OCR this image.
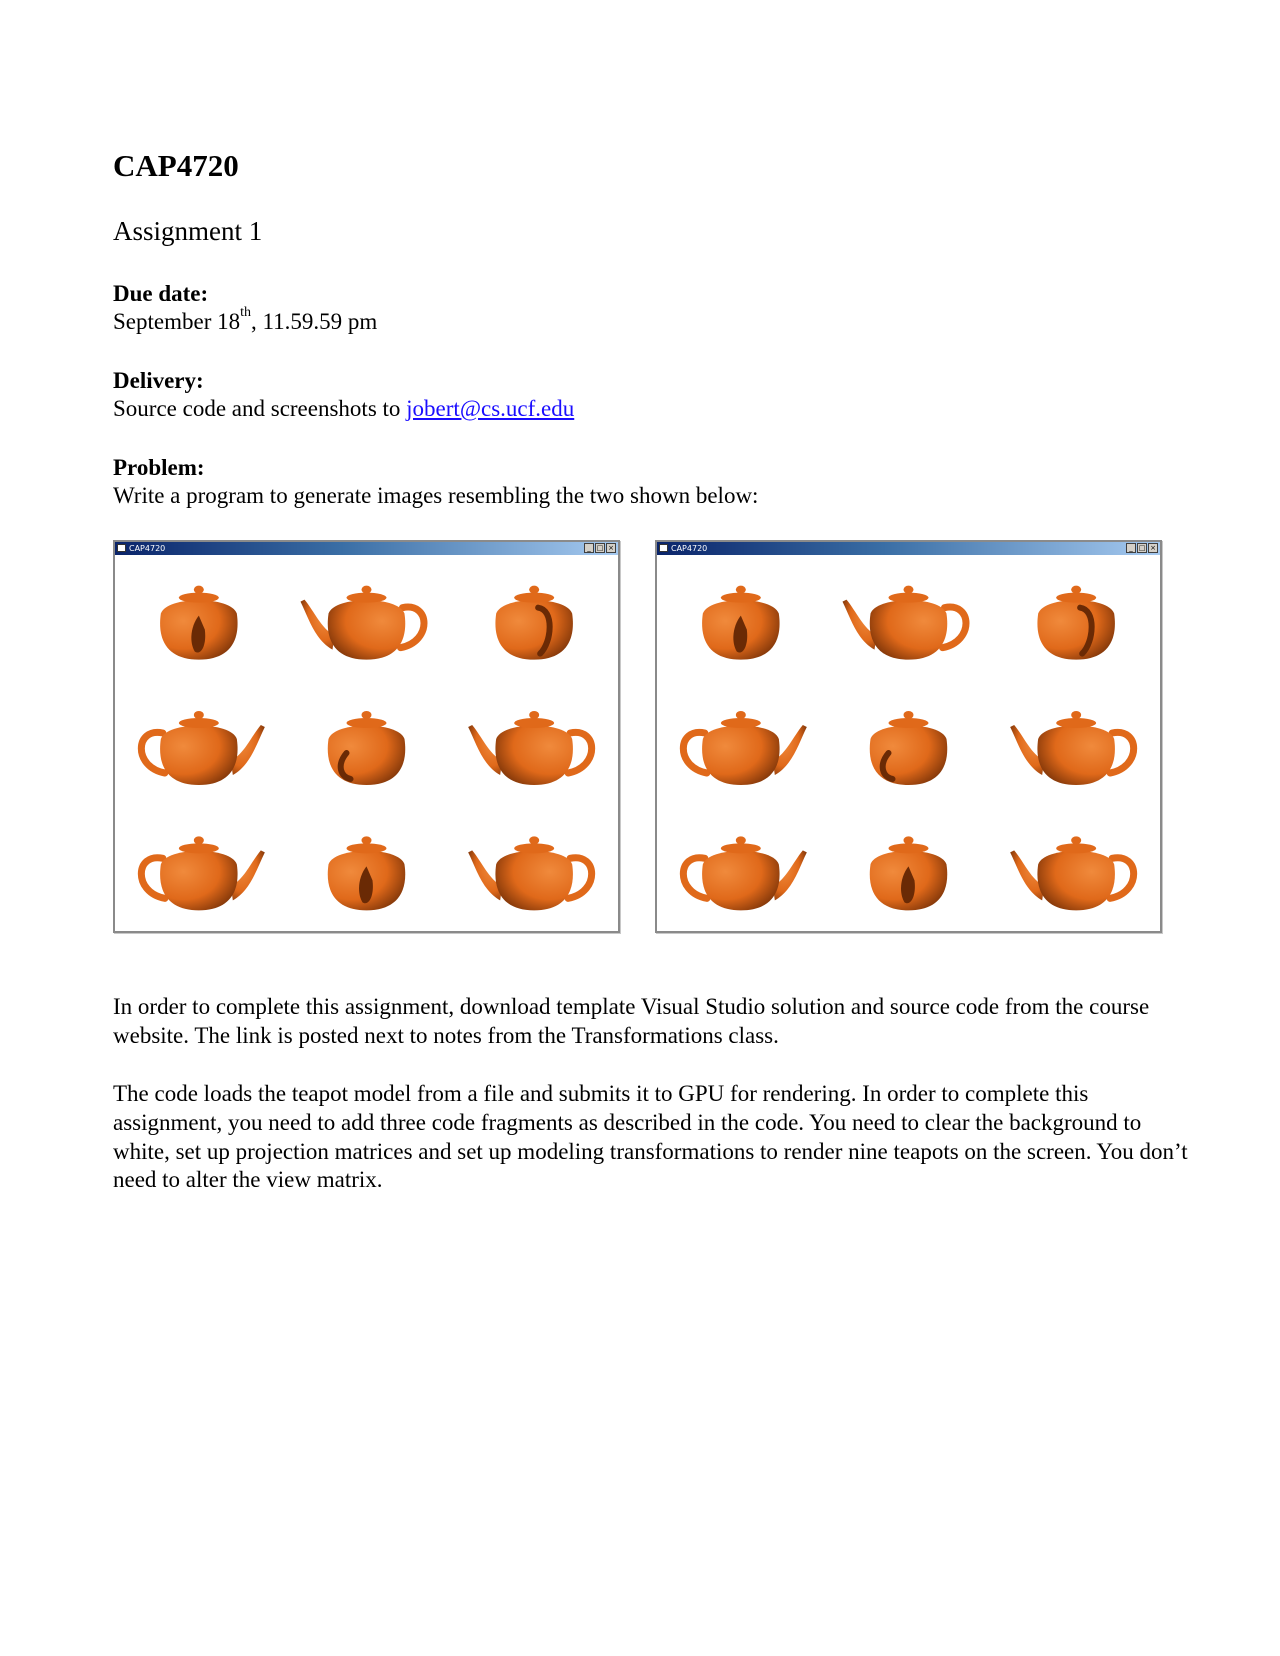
CAP4720
Assignment 1
Due date:
September 18th, 11.59.59 pm
Delivery:
Source code and screenshots to jobert@cs.ucf.edu
Problem:
Write a program to generate images resembling the two shown below:
CAP4720	_ □ ×	CAP4720	_ □ ×

In order to complete this assignment, download template Visual Studio solution and source code from the course website. The link is posted next to notes from the Transformations class.

The code loads the teapot model from a file and submits it to GPU for rendering. In order to complete this assignment, you need to add three code fragments as described in the code. You need to clear the background to white, set up projection matrices and set up modeling transformations to render nine teapots on the screen. You don’t need to alter the view matrix.
